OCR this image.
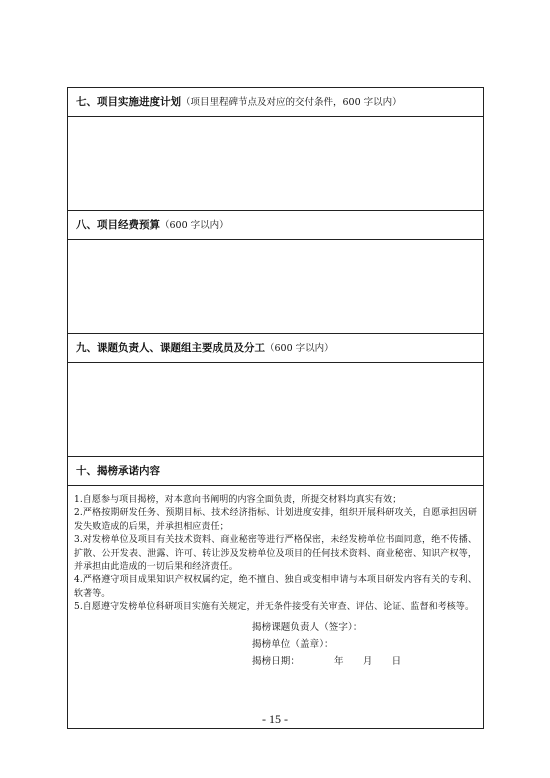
七、项目实施进度计划（项目里程碑节点及对应的交付条件，600 字以内）

八、项目经费预算（600 字以内）

九、课题负责人、课题组主要成员及分工（600 字以内）

十、揭榜承诺内容

1.自愿参与项目揭榜，对本意向书阐明的内容全面负责，所提交材料均真实有效；
2.严格按期研发任务、预期目标、技术经济指标、计划进度安排，组织开展科研攻关，自愿承担因研发失败造成的后果，并承担相应责任；
3.对发榜单位及项目有关技术资料、商业秘密等进行严格保密，未经发榜单位书面同意，绝不传播、扩散、公开发表、泄露、许可、转让涉及发榜单位及项目的任何技术资料、商业秘密、知识产权等，并承担由此造成的一切后果和经济责任。
4.严格遵守项目成果知识产权权属约定，绝不擅自、独自或变相申请与本项目研发内容有关的专利、软著等。
5.自愿遵守发榜单位科研项目实施有关规定，并无条件接受有关审查、评估、论证、监督和考核等。
揭榜课题负责人（签字）：
揭榜单位（盖章）：
揭榜日期：	年　　月　　日
- 15 -
